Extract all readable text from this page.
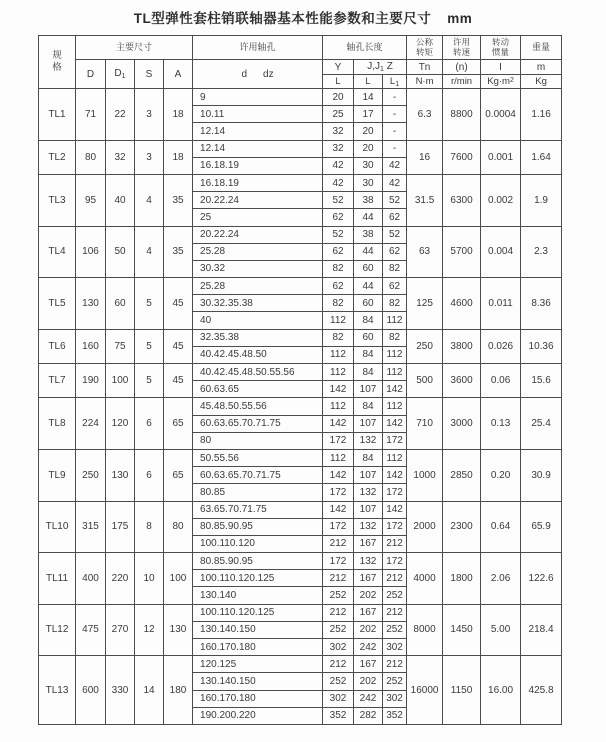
TL型弹性套柱销联轴器基本性能参数和主要尺寸 mm
规格	主要尺寸				许用轴孔	轴孔长度			公称转矩	许用转速	转动惯量	重量
	D	$D_1$	S	A	d dz	Y	$J,J_1$ Z		Tn	(n)	I	m
						L	L	$L_1$	N·m	r/min	$Kg\cdot m^2$	Kg
TL1	71	22	3	18	9	20	14	-	6.3	8800	0.0004	1.16
					10.11	25	17	-				
					12.14	32	20	-				
TL2	80	32	3	18	12.14	32	20	-	16	7600	0.001	1.64
					16.18.19	42	30	42				
TL3	95	40	4	35	16.18.19	42	30	42	31.5	6300	0.002	1.9
					20.22.24	52	38	52				
					25	62	44	62				
TL4	106	50	4	35	20.22.24	52	38	52	63	5700	0.004	2.3
					25.28	62	44	62				
					30.32	82	60	82				
TL5	130	60	5	45	25.28	62	44	62	125	4600	0.011	8.36
					30.32.35.38	82	60	82				
					40	112	84	112				
TL6	160	75	5	45	32.35.38	82	60	82	250	3800	0.026	10.36
					40.42.45.48.50	112	84	112				
TL7	190	100	5	45	40.42.45.48.50.55.56	112	84	112	500	3600	0.06	15.6
					60.63.65	142	107	142				
TL8	224	120	6	65	45.48.50.55.56	112	84	112	710	3000	0.13	25.4
					60.63.65.70.71.75	142	107	142				
					80	172	132	172				
TL9	250	130	6	65	50.55.56	112	84	112	1000	2850	0.20	30.9
					60.63.65.70.71.75	142	107	142				
					80.85	172	132	172				
TL10	315	175	8	80	63.65.70.71.75	142	107	142	2000	2300	0.64	65.9
					80.85.90.95	172	132	172				
					100.110.120	212	167	212				
TL11	400	220	10	100	80.85.90.95	172	132	172	4000	1800	2.06	122.6
					100.110.120.125	212	167	212				
					130.140	252	202	252				
TL12	475	270	12	130	100.110.120.125	212	167	212	8000	1450	5.00	218.4
					130.140.150	252	202	252				
					160.170.180	302	242	302				
TL13	600	330	14	180	120.125	212	167	212	16000	1150	16.00	425.8
					130.140.150	252	202	252				
					160.170.180	302	242	302				
					190.200.220	352	282	352				
